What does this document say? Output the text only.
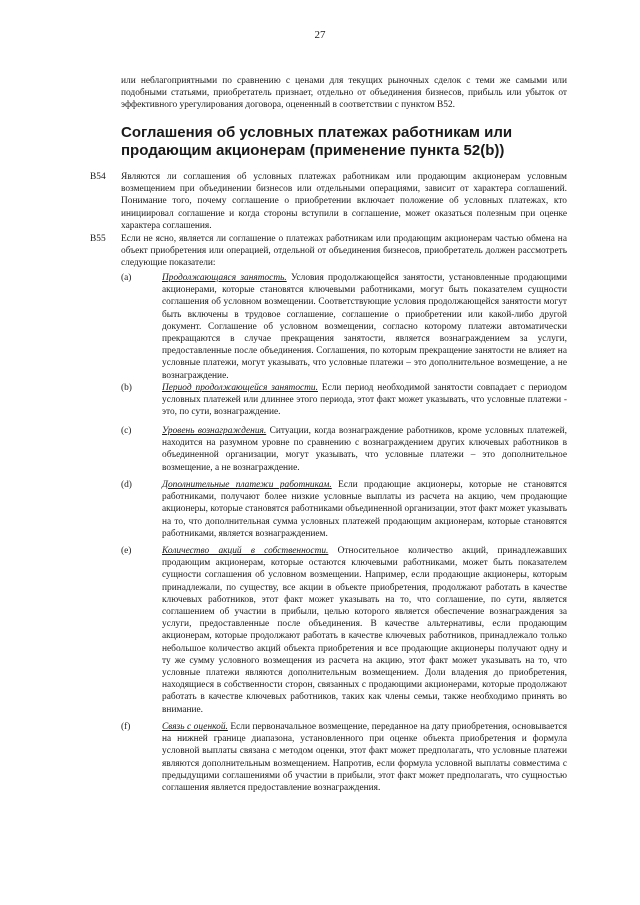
27
или неблагоприятными по сравнению с ценами для текущих рыночных сделок с теми же самыми или подобными статьями, приобретатель признает, отдельно от объединения бизнесов, прибыль или убыток от эффективного урегулирования договора, оцененный в соответствии с пунктом B52.
Соглашения об условных платежах работникам или продающим акционерам (применение пункта 52(b))
B54 Являются ли соглашения об условных платежах работникам или продающим акционерам условным возмещением при объединении бизнесов или отдельными операциями, зависит от характера соглашений. Понимание того, почему соглашение о приобретении включает положение об условных платежах, кто инициировал соглашение и когда стороны вступили в соглашение, может оказаться полезным при оценке характера соглашения.
B55 Если не ясно, является ли соглашение о платежах работникам или продающим акционерам частью обмена на объект приобретения или операцией, отдельной от объединения бизнесов, приобретатель должен рассмотреть следующие показатели:
(a)	Продолжающаяся занятость. Условия продолжающейся занятости, установленные продающими акционерами, которые становятся ключевыми работниками, могут быть показателем сущности соглашения об условном возмещении. Соответствующие условия продолжающейся занятости могут быть включены в трудовое соглашение, соглашение о приобретении или какой-либо другой документ. Соглашение об условном возмещении, согласно которому платежи автоматически прекращаются в случае прекращения занятости, является вознаграждением за услуги, предоставленные после объединения. Соглашения, по которым прекращение занятости не влияет на условные платежи, могут указывать, что условные платежи – это дополнительное возмещение, а не вознаграждение.
(b)	Период продолжающейся занятости. Если период необходимой занятости совпадает с периодом условных платежей или длиннее этого периода, этот факт может указывать, что условные платежи - это, по сути, вознаграждение.
(c)	Уровень вознаграждения. Ситуации, когда вознаграждение работников, кроме условных платежей, находится на разумном уровне по сравнению с вознаграждением других ключевых работников в объединенной организации, могут указывать, что условные платежи – это дополнительное возмещение, а не вознаграждение.
(d)	Дополнительные платежи работникам. Если продающие акционеры, которые не становятся работниками, получают более низкие условные выплаты из расчета на акцию, чем продающие акционеры, которые становятся работниками объединенной организации, этот факт может указывать на то, что дополнительная сумма условных платежей продающим акционерам, которые становятся работниками, является вознаграждением.
(e)	Количество акций в собственности. Относительное количество акций, принадлежавших продающим акционерам, которые остаются ключевыми работниками, может быть показателем сущности соглашения об условном возмещении. Например, если продающие акционеры, которым принадлежали, по существу, все акции в объекте приобретения, продолжают работать в качестве ключевых работников, этот факт может указывать на то, что соглашение, по сути, является соглашением об участии в прибыли, целью которого является обеспечение вознаграждения за услуги, предоставленные после объединения. В качестве альтернативы, если продающим акционерам, которые продолжают работать в качестве ключевых работников, принадлежало только небольшое количество акций объекта приобретения и все продающие акционеры получают одну и ту же сумму условного возмещения из расчета на акцию, этот факт может указывать на то, что условные платежи являются дополнительным возмещением. Доли владения до приобретения, находящиеся в собственности сторон, связанных с продающими акционерами, которые продолжают работать в качестве ключевых работников, таких как члены семьи, также необходимо принять во внимание.
(f)	Связь с оценкой. Если первоначальное возмещение, переданное на дату приобретения, основывается на нижней границе диапазона, установленного при оценке объекта приобретения и формула условной выплаты связана с методом оценки, этот факт может предполагать, что условные платежи являются дополнительным возмещением. Напротив, если формула условной выплаты совместима с предыдущими соглашениями об участии в прибыли, этот факт может предполагать, что сущностью соглашения является предоставление вознаграждения.
